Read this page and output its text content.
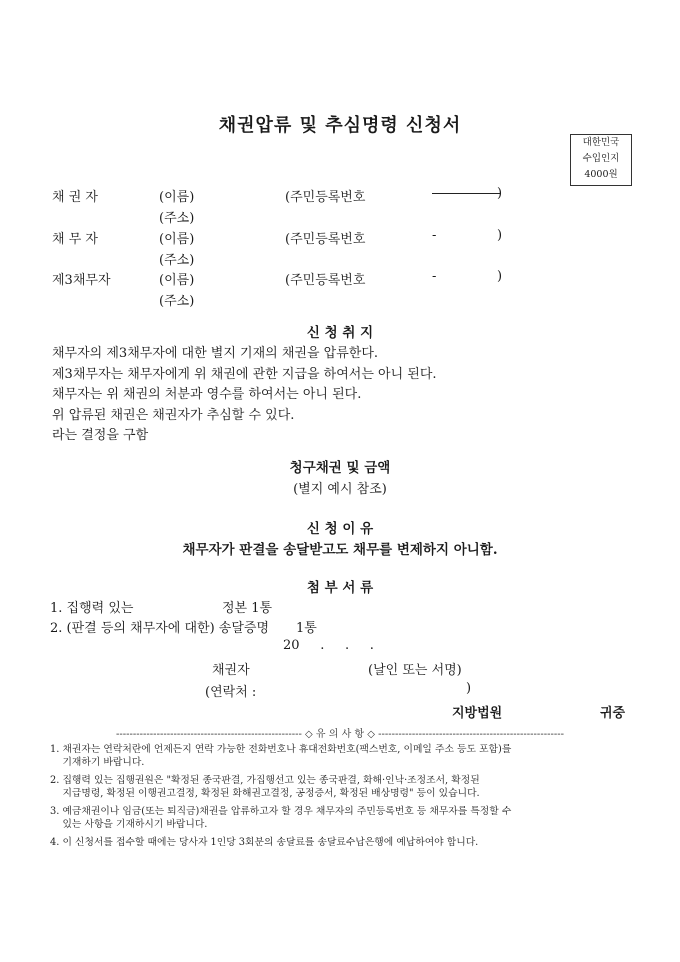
채권압류 및 추심명령 신청서
대한민국
수입인지
4000원
채 권 자	(이름)	(주민등록번호	-	)
(주소)
채 무 자	(이름)	(주민등록번호	-	)
(주소)
제3채무자	(이름)	(주민등록번호	-	)
(주소)
신 청 취 지
채무자의 제3채무자에 대한 별지 기재의 채권을 압류한다.
제3채무자는 채무자에게 위 채권에 관한 지급을 하여서는 아니 된다.
채무자는 위 채권의 처분과 영수를 하여서는 아니 된다.
위 압류된 채권은 채권자가 추심할 수 있다.
라는 결정을 구함
청구채권 및 금액
(별지 예시 참조)
신 청 이 유
채무자가 판결을 송달받고도 채무를 변제하지 아니함.
첨 부 서 류
1. 집행력 있는	정본 1통
2. (판결 등의 채무자에 대한) 송달증명 1통
20     .     .     .
채권자	(날인 또는 서명)
(연락처 :	)
지방법원	귀중
------------------------------------------------------- ◇ 유 의 사 항 ◇ -------------------------------------------------------
1. 채권자는 연락처란에 언제든지 연락 가능한 전화번호나 휴대전화번호(팩스번호, 이메일 주소 등도 포함)를
기재하기 바랍니다.
2. 집행력 있는 집행권원은 "확정된 종국판결, 가집행선고 있는 종국판결, 화해·인낙·조정조서, 확정된
지급명령, 확정된 이행권고결정, 확정된 화해권고결정, 공정증서, 확정된 배상명령" 등이 있습니다.
3. 예금채권이나 임금(또는 퇴직금)채권을 압류하고자 할 경우 채무자의 주민등록번호 등 채무자를 특정할 수
있는 사항을 기재하시기 바랍니다.
4. 이 신청서를 접수할 때에는 당사자 1인당 3회분의 송달료를 송달료수납은행에 예납하여야 합니다.
